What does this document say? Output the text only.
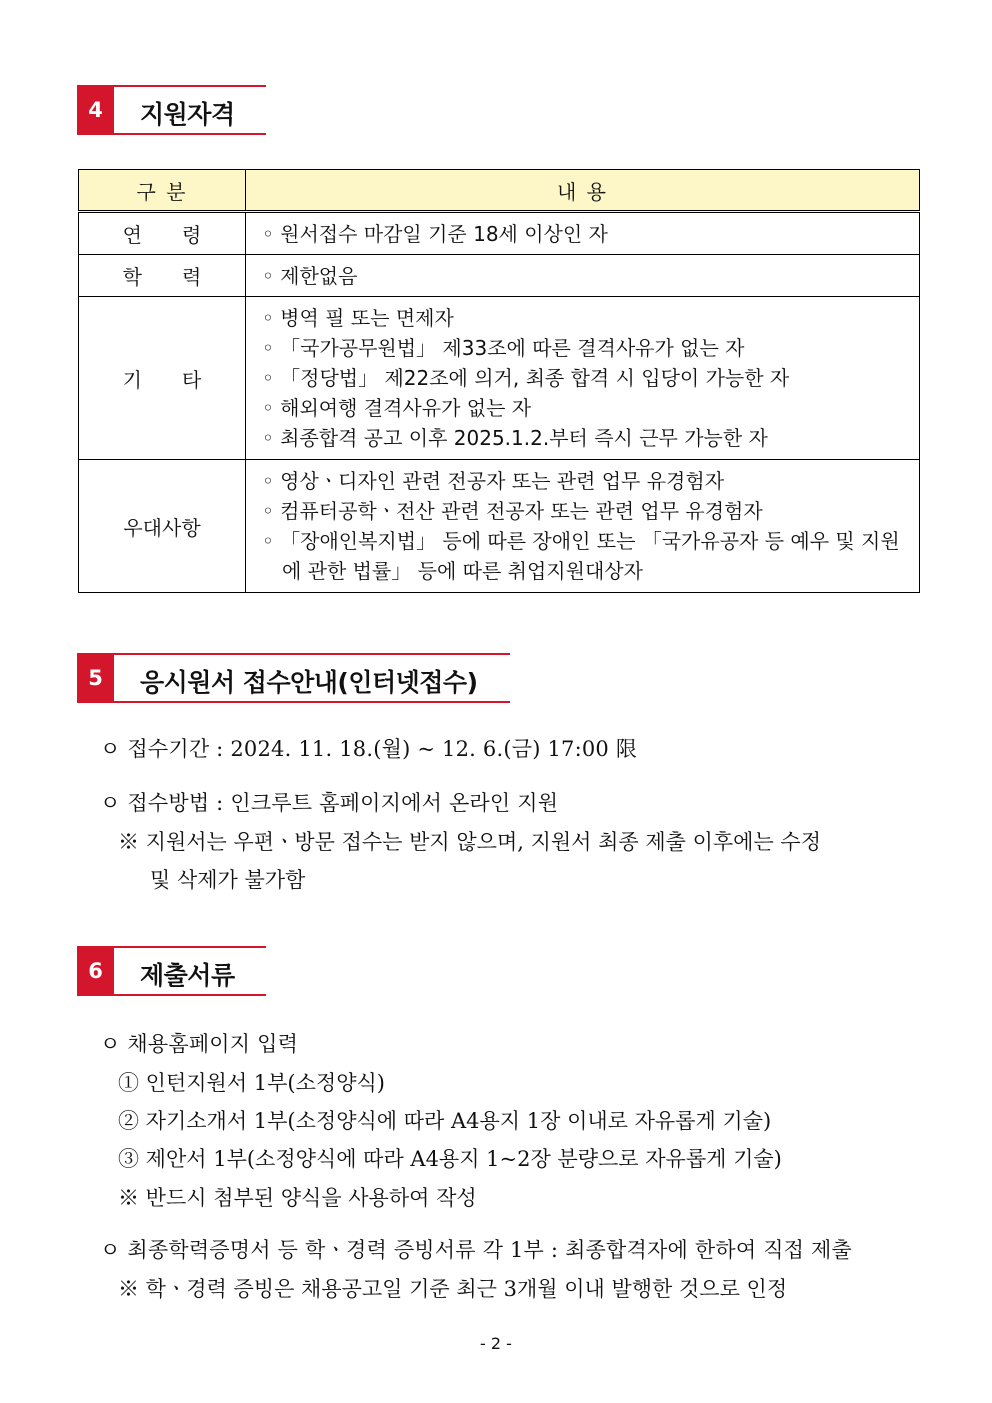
4	지원자격
구 분	내 용
연　　령	◦ 원서접수 마감일 기준 18세 이상인 자

학　　력	◦ 제한없음

기　　타	◦ 병역 필 또는 면제자
◦ 「국가공무원법」 제33조에 따른 결격사유가 없는 자
◦ 「정당법」 제22조에 의거, 최종 합격 시 입당이 가능한 자
◦ 해외여행 결격사유가 없는 자
◦ 최종합격 공고 이후 2025.1.2.부터 즉시 근무 가능한 자

우대사항	◦ 영상ㆍ디자인 관련 전공자 또는 관련 업무 유경험자
◦ 컴퓨터공학ㆍ전산 관련 전공자 또는 관련 업무 유경험자
◦ 「장애인복지법」 등에 따른 장애인 또는 「국가유공자 등 예우 및 지원에 관한 법률」 등에 따른 취업지원대상자
5	응시원서 접수안내(인터넷접수)
ㅇ 접수기간 : 2024. 11. 18.(월) ~ 12. 6.(금) 17:00 限
ㅇ 접수방법 : 인크루트 홈페이지에서 온라인 지원
※ 지원서는 우편ㆍ방문 접수는 받지 않으며, 지원서 최종 제출 이후에는 수정
및 삭제가 불가함
6	제출서류
ㅇ 채용홈페이지 입력
① 인턴지원서 1부(소정양식)
② 자기소개서 1부(소정양식에 따라 A4용지 1장 이내로 자유롭게 기술)
③ 제안서 1부(소정양식에 따라 A4용지 1~2장 분량으로 자유롭게 기술)
※ 반드시 첨부된 양식을 사용하여 작성
ㅇ 최종학력증명서 등 학ㆍ경력 증빙서류 각 1부 : 최종합격자에 한하여 직접 제출
※ 학ㆍ경력 증빙은 채용공고일 기준 최근 3개월 이내 발행한 것으로 인정
- 2 -
